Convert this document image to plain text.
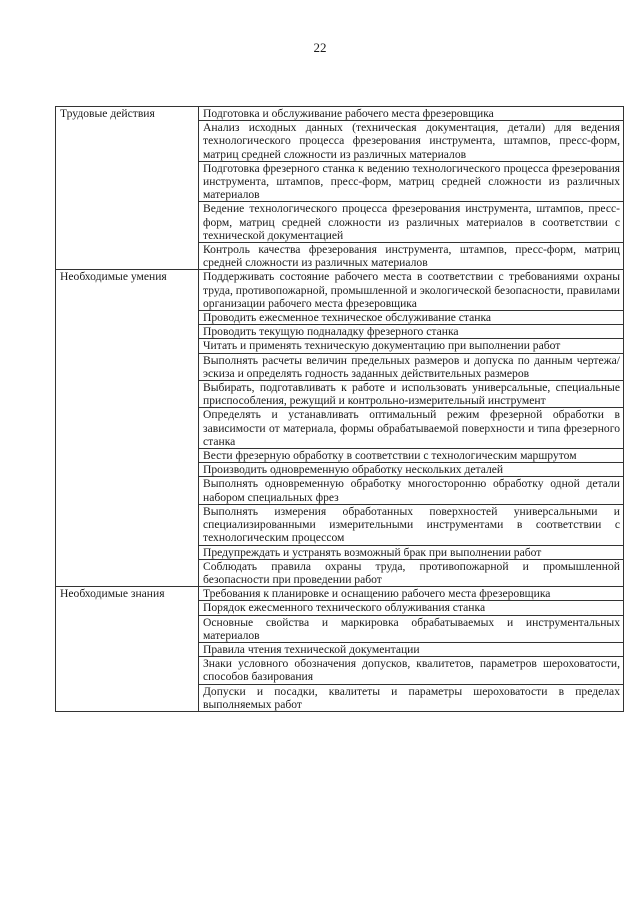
22
Трудовые действия	Подготовка и обслуживание рабочего места фрезеровщика
	Анализ исходных данных (техническая документация, детали) для ведения технологического процесса фрезерования инструмента, штампов, пресс-форм, матриц средней сложности из различных материалов
	Подготовка фрезерного станка к ведению технологического процесса фрезерования инструмента, штампов, пресс-форм, матриц средней сложности из различных материалов
	Ведение технологического процесса фрезерования инструмента, штампов, пресс-форм, матриц средней сложности из различных материалов в соответствии с технической документацией
	Контроль качества фрезерования инструмента, штампов, пресс-форм, матриц средней сложности из различных материалов
Необходимые умения	Поддерживать состояние рабочего места в соответствии с требованиями охраны труда, противопожарной, промышленной и экологической безопасности, правилами организации рабочего места фрезеровщика
	Проводить ежесменное техническое обслуживание станка
	Проводить текущую подналадку фрезерного станка
	Читать и применять техническую документацию при выполнении работ
	Выполнять расчеты величин предельных размеров и допуска по данным чертежа/эскиза и определять годность заданных действительных размеров
	Выбирать, подготавливать к работе и использовать универсальные, специальные приспособления, режущий и контрольно-измерительный инструмент
	Определять и устанавливать оптимальный режим фрезерной обработки в зависимости от материала, формы обрабатываемой поверхности и типа фрезерного станка
	Вести фрезерную обработку в соответствии с технологическим маршрутом
	Производить одновременную обработку нескольких деталей
	Выполнять одновременную обработку многосторонню обработку одной детали набором специальных фрез
	Выполнять измерения обработанных поверхностей универсальными и специализированными измерительными инструментами в соответствии с технологическим процессом
	Предупреждать и устранять возможный брак при выполнении работ
	Соблюдать правила охраны труда, противопожарной и промышленной безопасности при проведении работ
Необходимые знания	Требования к планировке и оснащению рабочего места фрезеровщика
	Порядок ежесменного технического облуживания станка
	Основные свойства и маркировка обрабатываемых и инструментальных материалов
	Правила чтения технической документации
	Знаки условного обозначения допусков, квалитетов, параметров шероховатости, способов базирования
	Допуски и посадки, квалитеты и параметры шероховатости в пределах выполняемых работ
